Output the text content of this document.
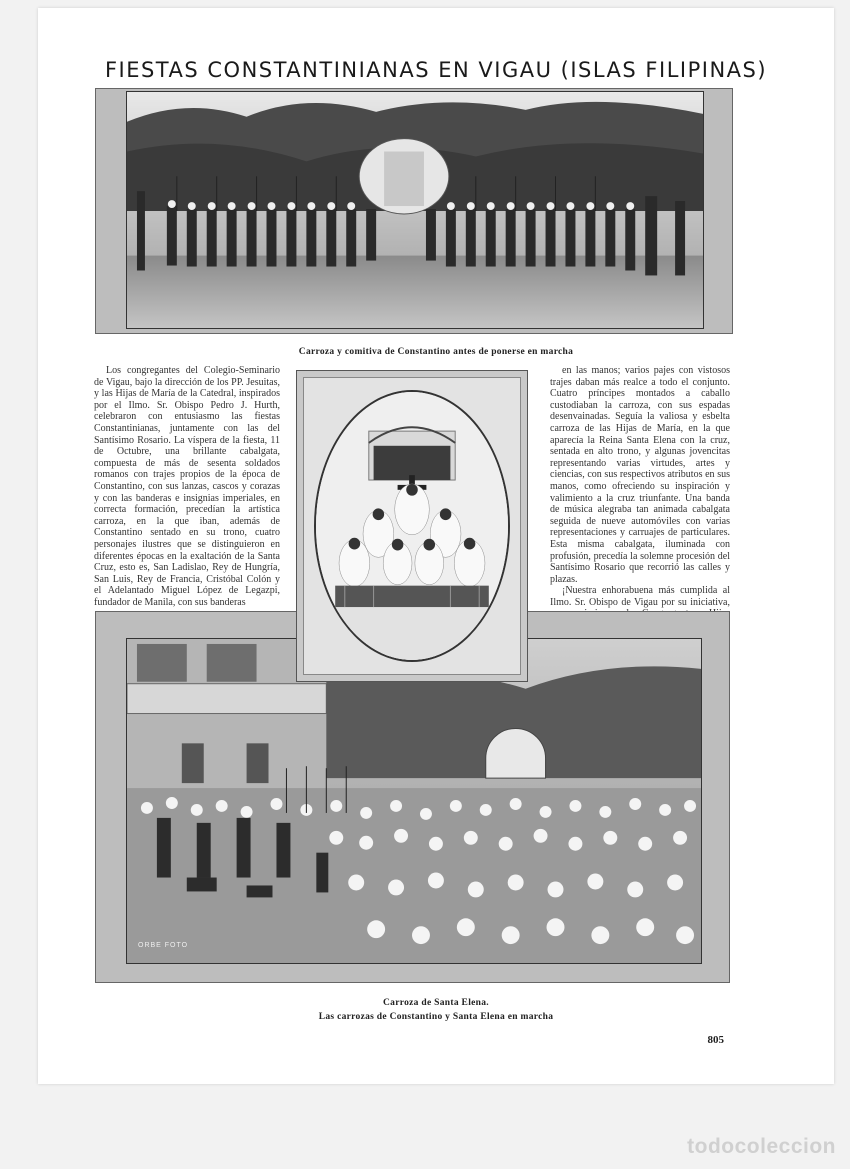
FIESTAS CONSTANTINIANAS EN VIGAU (ISLAS FILIPINAS)
Carroza y comitiva de Constantino antes de ponerse en marcha

Los congregantes del Colegio-Seminario de Vigau, bajo la dirección de los PP. Jesuitas, y las Hijas de María de la Catedral, inspirados por el Ilmo. Sr. Obispo Pedro J. Hurth, celebraron con entusiasmo las fiestas Constantinianas, juntamente con las del Santísimo Rosario. La víspera de la fiesta, 11 de Octubre, una brillante cabalgata, compuesta de más de sesenta soldados romanos con trajes propios de la época de Constantino, con sus lanzas, cascos y corazas y con las banderas e insignias imperiales, en correcta formación, precedían la artística carroza, en la que iban, además de Constantino sentado en su trono, cuatro personajes ilustres que se distinguieron en diferentes épocas en la exaltación de la Santa Cruz, esto es, San Ladislao, Rey de Hungría, San Luis, Rey de Francia, Cristóbal Colón y el Adelantado Miguel López de Legazpi, fundador de Manila, con sus banderas

en las manos; varios pajes con vistosos trajes daban más realce a todo el conjunto. Cuatro príncipes montados a caballo custodiaban la carroza, con sus espadas desenvainadas. Seguía la valiosa y esbelta carroza de las Hijas de María, en la que aparecía la Reina Santa Elena con la cruz, sentada en alto trono, y algunas jovencitas representando varias virtudes, artes y ciencias, con sus respectivos atributos en sus manos, como ofreciendo su inspiración y valimiento a la cruz triunfante. Una banda de música alegraba tan animada cabalgata seguida de nueve automóviles con varias representaciones y carruajes de particulares. Esta misma cabalgata, iluminada con profusión, precedía la solemne procesión del Santísimo Rosario que recorrió las calles y plazas.

¡Nuestra enhorabuena más cumplida al Ilmo. Sr. Obispo de Vigau por su iniciativa,

ORBE FOTO
Carroza de Santa Elena.
Las carrozas de Constantino y Santa Elena en marcha
805
todocoleccion
